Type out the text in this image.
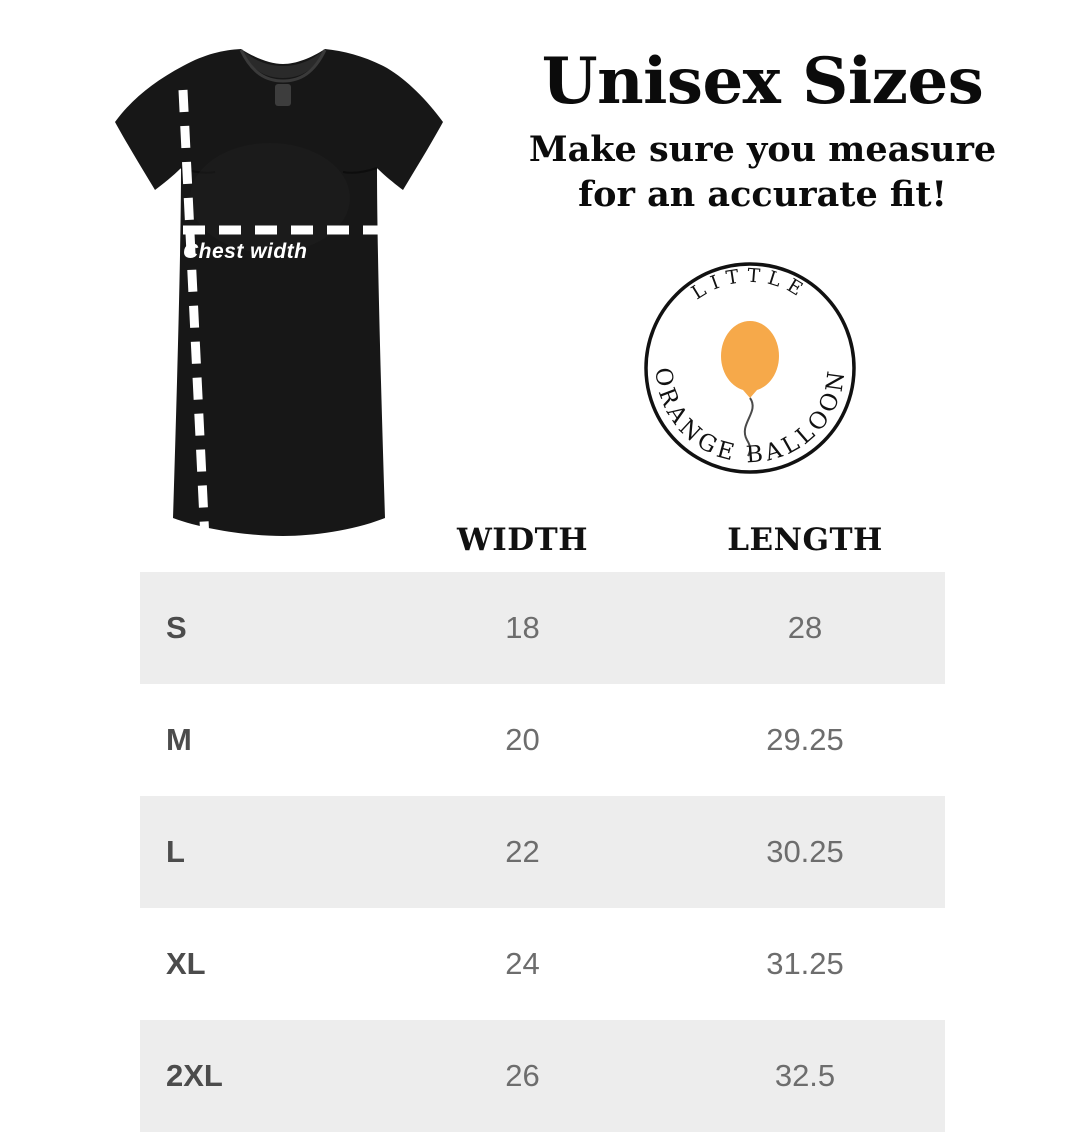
Chest width
Length
Unisex Sizes

Make sure you measure for an accurate fit!

LITTLE
ORANGE BALLOON
	WIDTH	LENGTH
S	18	28
M	20	29.25
L	22	30.25
XL	24	31.25
2XL	26	32.5
